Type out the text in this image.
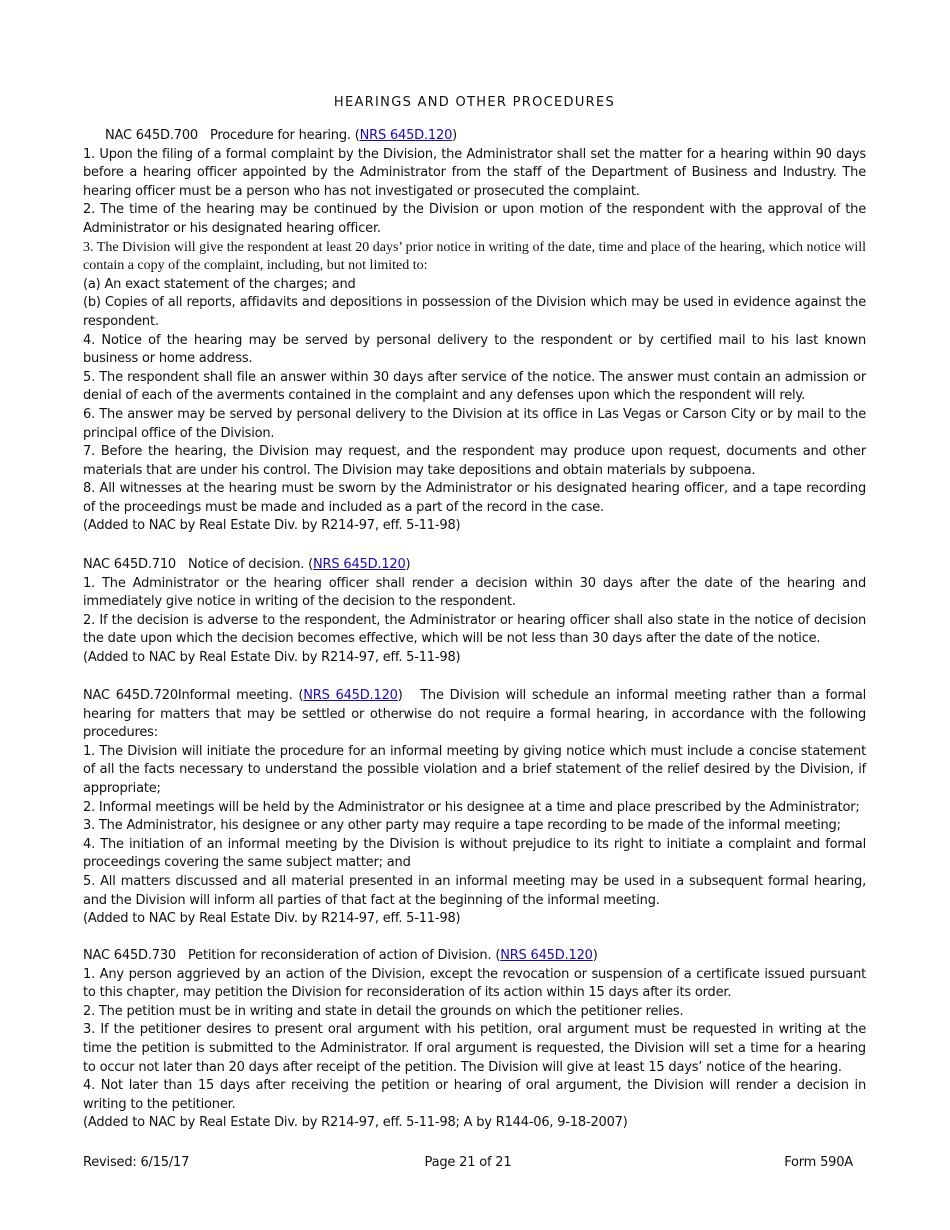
HEARINGS AND OTHER PROCEDURES

NAC 645D.700 Procedure for hearing. (NRS 645D.120)

1. Upon the filing of a formal complaint by the Division, the Administrator shall set the matter for a hearing within 90 days before a hearing officer appointed by the Administrator from the staff of the Department of Business and Industry. The hearing officer must be a person who has not investigated or prosecuted the complaint.

2. The time of the hearing may be continued by the Division or upon motion of the respondent with the approval of the Administrator or his designated hearing officer.

3. The Division will give the respondent at least 20 days’ prior notice in writing of the date, time and place of the hearing, which notice will contain a copy of the complaint, including, but not limited to:

(a) An exact statement of the charges; and

(b) Copies of all reports, affidavits and depositions in possession of the Division which may be used in evidence against the respondent.

4. Notice of the hearing may be served by personal delivery to the respondent or by certified mail to his last known business or home address.

5. The respondent shall file an answer within 30 days after service of the notice. The answer must contain an admission or denial of each of the averments contained in the complaint and any defenses upon which the respondent will rely.

6. The answer may be served by personal delivery to the Division at its office in Las Vegas or Carson City or by mail to the principal office of the Division.

7. Before the hearing, the Division may request, and the respondent may produce upon request, documents and other materials that are under his control. The Division may take depositions and obtain materials by subpoena.

8. All witnesses at the hearing must be sworn by the Administrator or his designated hearing officer, and a tape recording of the proceedings must be made and included as a part of the record in the case.

(Added to NAC by Real Estate Div. by R214-97, eff. 5-11-98)

NAC 645D.710 Notice of decision. (NRS 645D.120)

1. The Administrator or the hearing officer shall render a decision within 30 days after the date of the hearing and immediately give notice in writing of the decision to the respondent.

2. If the decision is adverse to the respondent, the Administrator or hearing officer shall also state in the notice of decision the date upon which the decision becomes effective, which will be not less than 30 days after the date of the notice.

(Added to NAC by Real Estate Div. by R214-97, eff. 5-11-98)

NAC 645D.720Informal meeting. (NRS 645D.120)   The Division will schedule an informal meeting rather than a formal hearing for matters that may be settled or otherwise do not require a formal hearing, in accordance with the following procedures:

1. The Division will initiate the procedure for an informal meeting by giving notice which must include a concise statement of all the facts necessary to understand the possible violation and a brief statement of the relief desired by the Division, if appropriate;

2. Informal meetings will be held by the Administrator or his designee at a time and place prescribed by the Administrator;

3. The Administrator, his designee or any other party may require a tape recording to be made of the informal meeting;

4. The initiation of an informal meeting by the Division is without prejudice to its right to initiate a complaint and formal proceedings covering the same subject matter; and

5. All matters discussed and all material presented in an informal meeting may be used in a subsequent formal hearing, and the Division will inform all parties of that fact at the beginning of the informal meeting.

(Added to NAC by Real Estate Div. by R214-97, eff. 5-11-98)

NAC 645D.730 Petition for reconsideration of action of Division. (NRS 645D.120)

1. Any person aggrieved by an action of the Division, except the revocation or suspension of a certificate issued pursuant to this chapter, may petition the Division for reconsideration of its action within 15 days after its order.

2. The petition must be in writing and state in detail the grounds on which the petitioner relies.

3. If the petitioner desires to present oral argument with his petition, oral argument must be requested in writing at the time the petition is submitted to the Administrator. If oral argument is requested, the Division will set a time for a hearing to occur not later than 20 days after receipt of the petition. The Division will give at least 15 days’ notice of the hearing.

4. Not later than 15 days after receiving the petition or hearing of oral argument, the Division will render a decision in writing to the petitioner.

(Added to NAC by Real Estate Div. by R214-97, eff. 5-11-98; A by R144-06, 9-18-2007)

Revised: 6/15/17	Page 21 of 21	Form 590A
